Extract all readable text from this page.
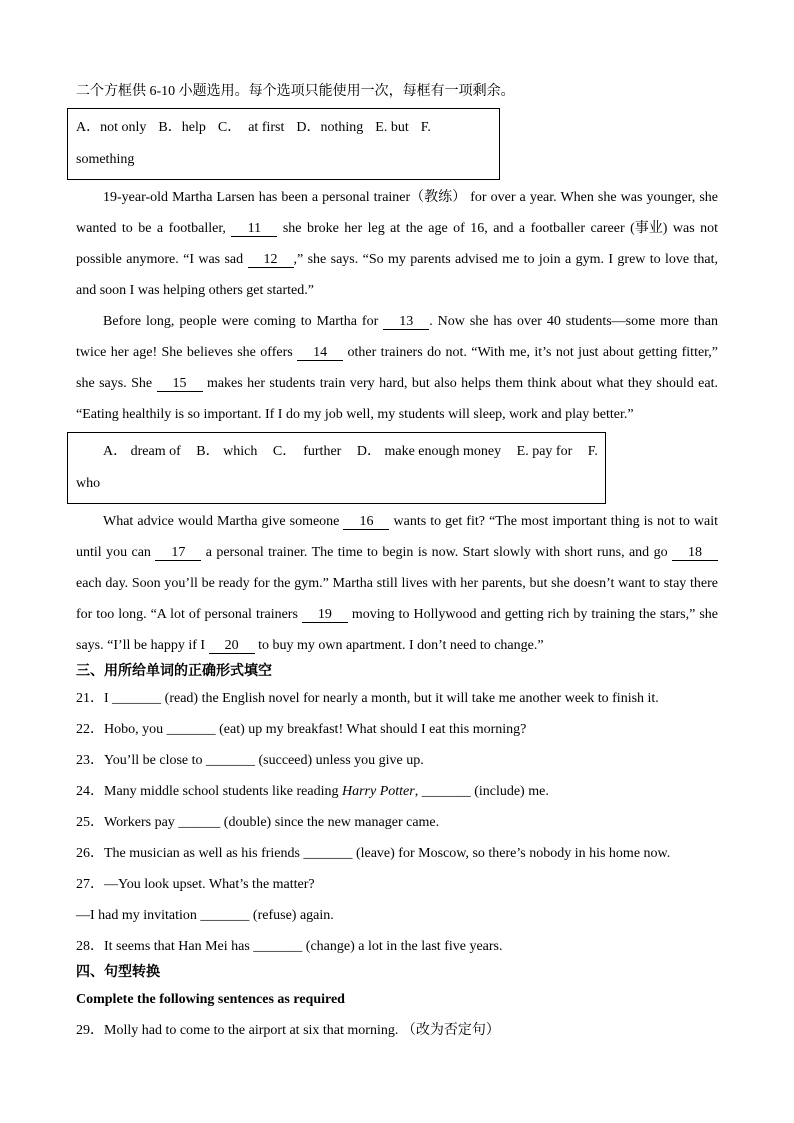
二个方框供 6-10 小题选用。每个选项只能使用一次，每框有一项剩余。
A．not only B．help C．  at first D．nothing E. but F.
something
19-year-old Martha Larsen has been a personal trainer（教练） for over a year. When she was younger, she
wanted to be a footballer, 11 she broke her leg at the age of 16, and a footballer career (事业) was not
possible anymore. “I was sad 12 ,” she says. “So my parents advised me to join a gym. I grew to love that,
and soon I was helping others get started.”
Before long, people were coming to Martha for 13 . Now she has over 40 students—some more than
twice her age! She believes she offers 14 other trainers do not. “With me, it’s not just about getting fitter,”
she says. She 15 makes her students train very hard, but also helps them think about what they should eat.
“Eating healthily is so important. If I do my job well, my students will sleep, work and play better.”
A． dream of B． which C．  further D． make enough money E. pay for F.
who
What advice would Martha give someone 16 wants to get fit? “The most important thing is not to wait
until you can 17 a personal trainer. The time to begin is now. Start slowly with short runs, and go 18
each day. Soon you’ll be ready for the gym.” Martha still lives with her parents, but she doesn’t want to stay there
for too long. “A lot of personal trainers 19 moving to Hollywood and getting rich by training the stars,” she
says. “I’ll be happy if I 20 to buy my own apartment. I don’t need to change.”
三、用所给单词的正确形式填空
21．I _______ (read) the English novel for nearly a month, but it will take me another week to finish it.
22．Hobo, you _______ (eat) up my breakfast! What should I eat this morning?
23．You’ll be close to _______ (succeed) unless you give up.
24．Many middle school students like reading Harry Potter, _______ (include) me.
25．Workers pay ______ (double) since the new manager came.
26．The musician as well as his friends _______ (leave) for Moscow, so there’s nobody in his home now.
27．—You look upset. What’s the matter?
—I had my invitation _______ (refuse) again.
28．It seems that Han Mei has _______ (change) a lot in the last five years.
四、句型转换
Complete the following sentences as required
29．Molly had to come to the airport at six that morning. （改为否定句）
